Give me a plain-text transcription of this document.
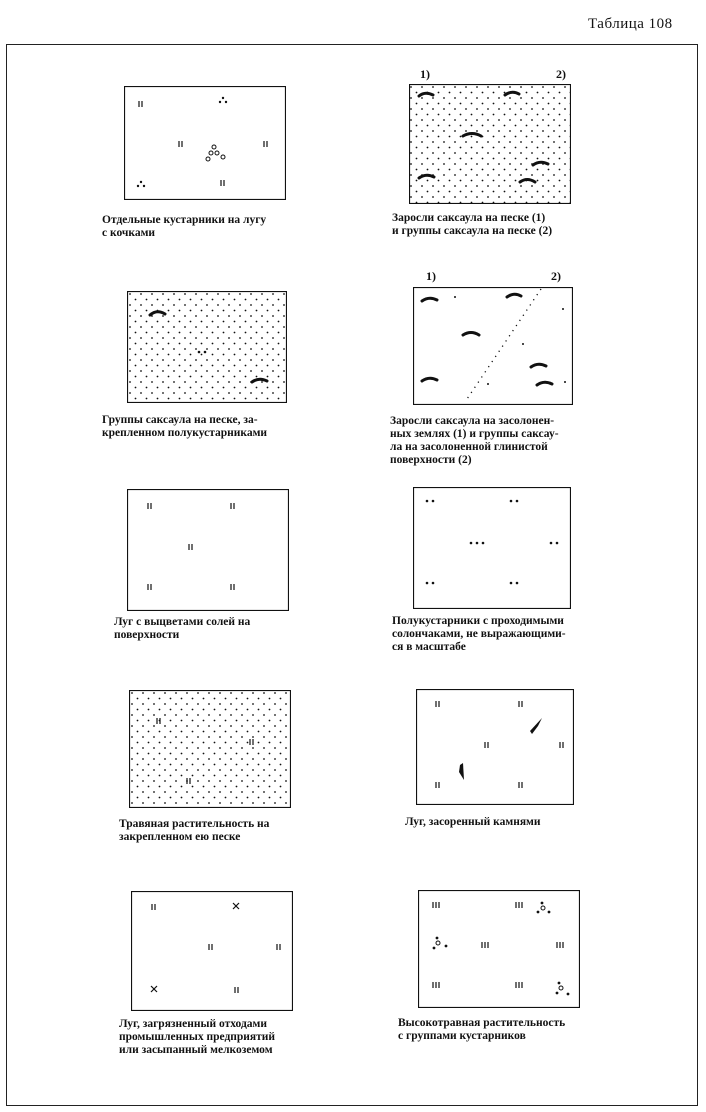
Таблица 108
Отдельные кустарники на лугу
с кочками
1)	2)
Заросли саксаула на песке (1)
и группы саксаула на песке (2)
Группы саксаула на песке, за-
крепленном полукустарниками
1)	2)
Заросли саксаула на засолонен-
ных землях (1) и группы саксау-
ла на засолоненной глинистой
поверхности (2)
Луг с выцветами солей на
поверхности
Полукустарники с проходимыми
солончаками, не выражающими-
ся в масштабе
Травяная растительность на
закрепленном ею песке
Луг, засоренный камнями
Луг, загрязненный отходами
промышленных предприятий
или засыпанный мелкоземом
Высокотравная растительность
с группами кустарников
